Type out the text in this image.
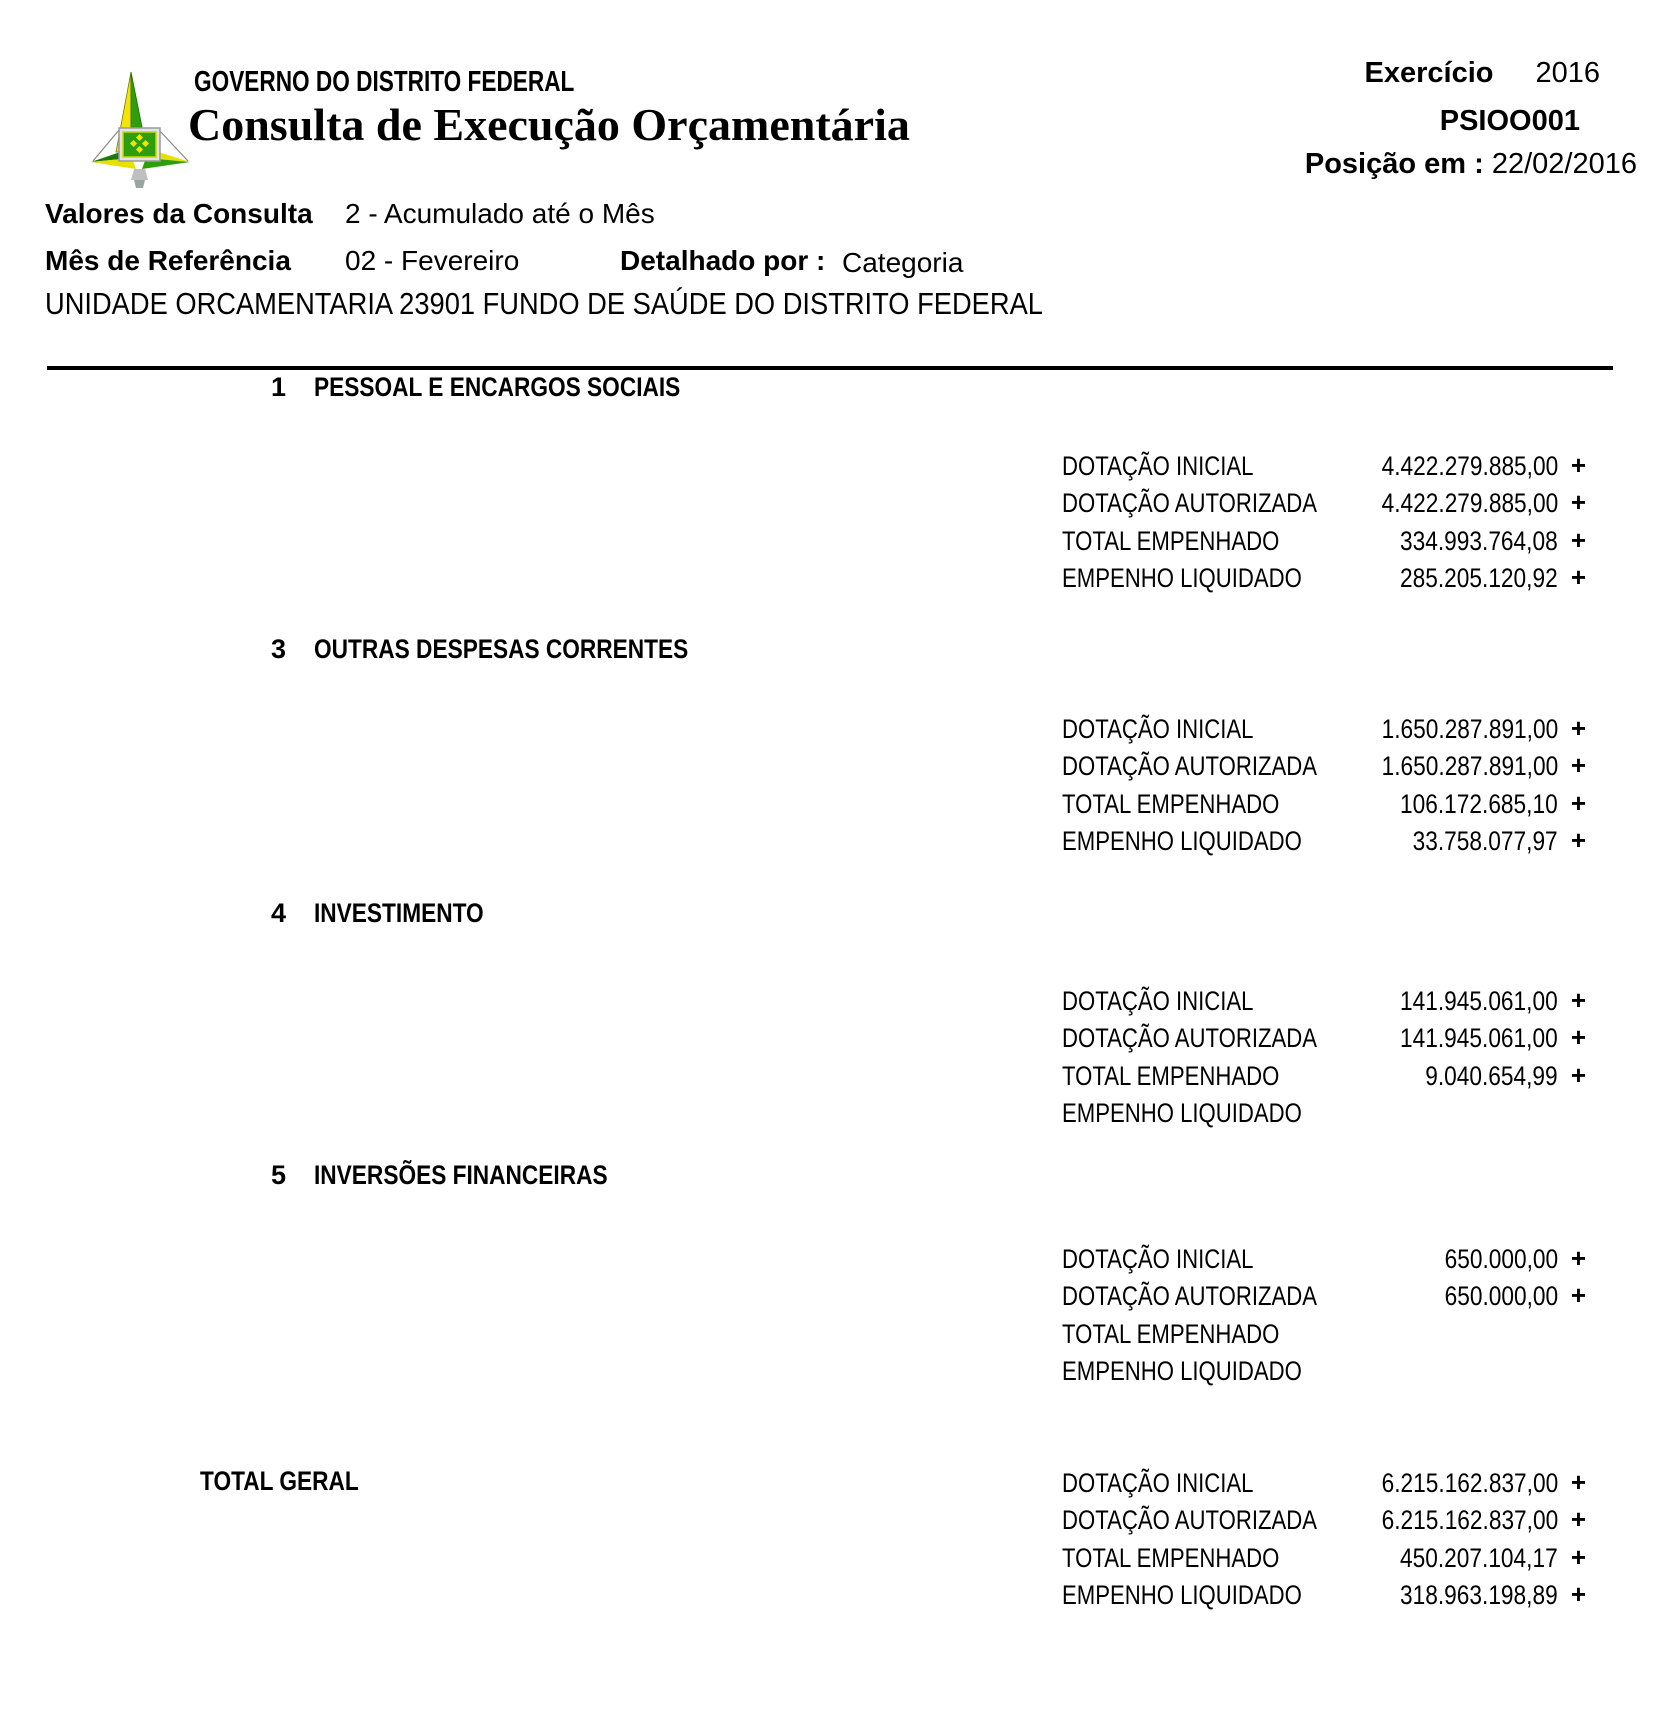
GOVERNO DO DISTRITO FEDERAL
Consulta de Execução Orçamentária
Exercício 2016
PSIOO001
Posição em : 22/02/2016
Valores da Consulta 2 - Acumulado até o Mês
Mês de Referência 02 - Fevereiro	Detalhado por : Categoria
UNIDADE ORCAMENTARIA 23901 FUNDO DE SAÚDE DO DISTRITO FEDERAL
1 PESSOAL E ENCARGOS SOCIAIS
DOTAÇÃO INICIAL	4.422.279.885,00 +
DOTAÇÃO AUTORIZADA 4.422.279.885,00 +
TOTAL EMPENHADO	334.993.764,08 +
EMPENHO LIQUIDADO	285.205.120,92 +
3 OUTRAS DESPESAS CORRENTES
DOTAÇÃO INICIAL	1.650.287.891,00 +
DOTAÇÃO AUTORIZADA 1.650.287.891,00 +
TOTAL EMPENHADO	106.172.685,10 +
EMPENHO LIQUIDADO	33.758.077,97 +
4 INVESTIMENTO
DOTAÇÃO INICIAL	141.945.061,00 +
DOTAÇÃO AUTORIZADA	141.945.061,00 +
TOTAL EMPENHADO	9.040.654,99 +
EMPENHO LIQUIDADO
5 INVERSÕES FINANCEIRAS
DOTAÇÃO INICIAL	650.000,00 +
DOTAÇÃO AUTORIZADA	650.000,00 +
TOTAL EMPENHADO
EMPENHO LIQUIDADO
TOTAL GERAL	DOTAÇÃO INICIAL	6.215.162.837,00 +
DOTAÇÃO AUTORIZADA 6.215.162.837,00 +
TOTAL EMPENHADO	450.207.104,17 +
EMPENHO LIQUIDADO	318.963.198,89 +
